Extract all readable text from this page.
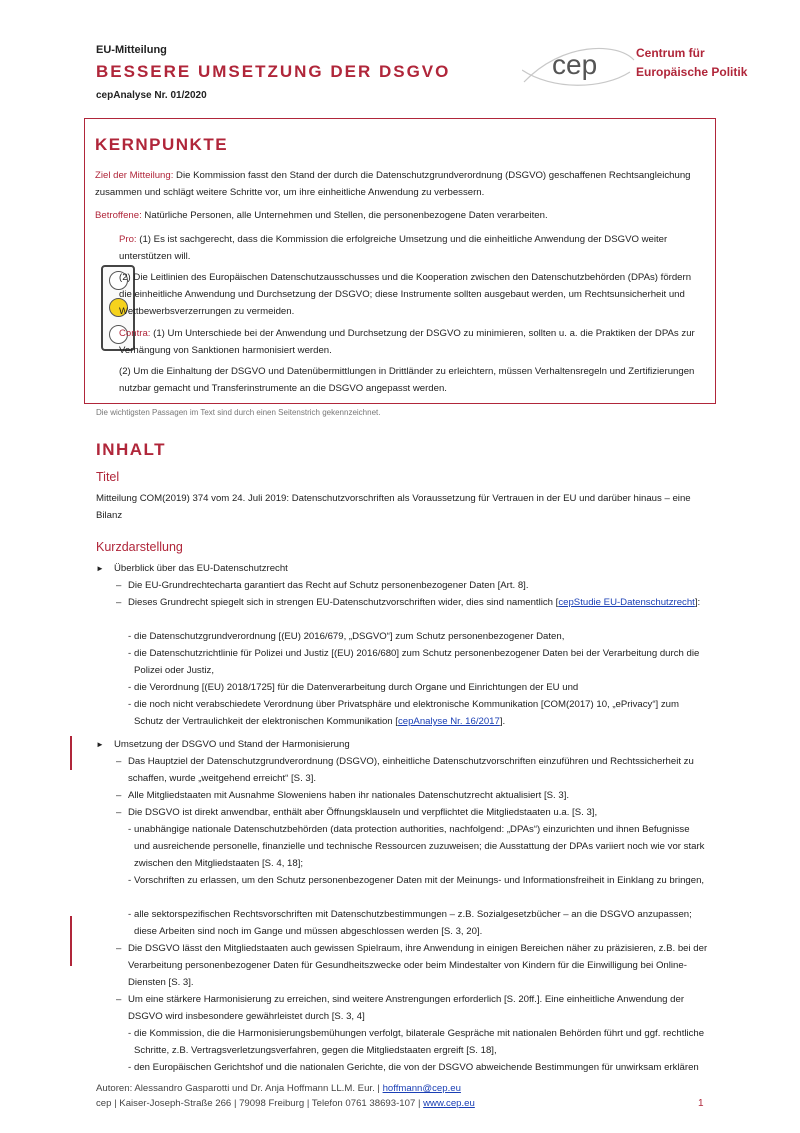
EU-Mitteilung
BESSERE UMSETZUNG DER DSGVO
cepAnalyse Nr. 01/2020
cep	Centrum für
Europäische Politik
KERNPUNKTE
Ziel der Mitteilung: Die Kommission fasst den Stand der durch die Datenschutzgrundverordnung (DSGVO) geschaffenen Rechtsangleichung zusammen und schlägt weitere Schritte vor, um ihre einheitliche Anwendung zu verbessern.
Betroffene: Natürliche Personen, alle Unternehmen und Stellen, die personenbezogene Daten verarbeiten.
Pro: (1) Es ist sachgerecht, dass die Kommission die erfolgreiche Umsetzung und die einheitliche Anwendung der DSGVO weiter unterstützen will.
(2) Die Leitlinien des Europäischen Datenschutzausschusses und die Kooperation zwischen den Datenschutzbehörden (DPAs) fördern die einheitliche Anwendung und Durchsetzung der DSGVO; diese Instrumente sollten ausgebaut werden, um Rechtsunsicherheit und Wettbewerbsverzerrungen zu vermeiden.
Contra: (1) Um Unterschiede bei der Anwendung und Durchsetzung der DSGVO zu minimieren, sollten u. a. die Praktiken der DPAs zur Verhängung von Sanktionen harmonisiert werden.
(2) Um die Einhaltung der DSGVO und Datenübermittlungen in Drittländer zu erleichtern, müssen Verhaltensregeln und Zertifizierungen nutzbar gemacht und Transferinstrumente an die DSGVO angepasst werden.
Die wichtigsten Passagen im Text sind durch einen Seitenstrich gekennzeichnet.
INHALT
Titel
Mitteilung COM(2019) 374 vom 24. Juli 2019: Datenschutzvorschriften als Voraussetzung für Vertrauen in der EU und darüber hinaus – eine Bilanz
Kurzdarstellung
► Überblick über das EU-Datenschutzrecht
– Die EU-Grundrechtecharta garantiert das Recht auf Schutz personenbezogener Daten [Art. 8].
– Dieses Grundrecht spiegelt sich in strengen EU-Datenschutzvorschriften wider, dies sind namentlich [cepStudie EU-Datenschutzrecht]:
- die Datenschutzgrundverordnung [(EU) 2016/679, „DSGVO“] zum Schutz personenbezogener Daten,
- die Datenschutzrichtlinie für Polizei und Justiz [(EU) 2016/680] zum Schutz personenbezogener Daten bei der Verarbeitung durch die Polizei oder Justiz,
- die Verordnung [(EU) 2018/1725] für die Datenverarbeitung durch Organe und Einrichtungen der EU und
- die noch nicht verabschiedete Verordnung über Privatsphäre und elektronische Kommunikation [COM(2017) 10, „ePrivacy“] zum Schutz der Vertraulichkeit der elektronischen Kommunikation [cepAnalyse Nr. 16/2017].
► Umsetzung der DSGVO und Stand der Harmonisierung
– Das Hauptziel der Datenschutzgrundverordnung (DSGVO), einheitliche Datenschutzvorschriften einzuführen und Rechtssicherheit zu schaffen, wurde „weitgehend erreicht“ [S. 3].
– Alle Mitgliedstaaten mit Ausnahme Sloweniens haben ihr nationales Datenschutzrecht aktualisiert [S. 3].
– Die DSGVO ist direkt anwendbar, enthält aber Öffnungsklauseln und verpflichtet die Mitgliedstaaten u.a. [S. 3],
- unabhängige nationale Datenschutzbehörden (data protection authorities, nachfolgend: „DPAs“) einzurichten und ihnen Befugnisse und ausreichende personelle, finanzielle und technische Ressourcen zuzuweisen; die Ausstattung der DPAs variiert noch wie vor stark zwischen den Mitgliedstaaten [S. 4, 18];
- Vorschriften zu erlassen, um den Schutz personenbezogener Daten mit der Meinungs- und Informationsfreiheit in Einklang zu bringen,
- alle sektorspezifischen Rechtsvorschriften mit Datenschutzbestimmungen – z.B. Sozialgesetzbücher – an die DSGVO anzupassen; diese Arbeiten sind noch im Gange und müssen abgeschlossen werden [S. 3, 20].
– Die DSGVO lässt den Mitgliedstaaten auch gewissen Spielraum, ihre Anwendung in einigen Bereichen näher zu präzisieren, z.B. bei der Verarbeitung personenbezogener Daten für Gesundheitszwecke oder beim Mindestalter von Kindern für die Einwilligung bei Online-Diensten [S. 3].
– Um eine stärkere Harmonisierung zu erreichen, sind weitere Anstrengungen erforderlich [S. 20ff.]. Eine einheitliche Anwendung der DSGVO wird insbesondere gewährleistet durch [S. 3, 4]
- die Kommission, die die Harmonisierungsbemühungen verfolgt, bilaterale Gespräche mit nationalen Behörden führt und ggf. rechtliche Schritte, z.B. Vertragsverletzungsverfahren, gegen die Mitgliedstaaten ergreift [S. 18],
- den Europäischen Gerichtshof und die nationalen Gerichte, die von der DSGVO abweichende Bestimmungen für unwirksam erklären
Autoren: Alessandro Gasparotti und Dr. Anja Hoffmann LL.M. Eur. | hoffmann@cep.eu
cep | Kaiser-Joseph-Straße 266 | 79098 Freiburg | Telefon 0761 38693-107 | www.cep.eu	1
